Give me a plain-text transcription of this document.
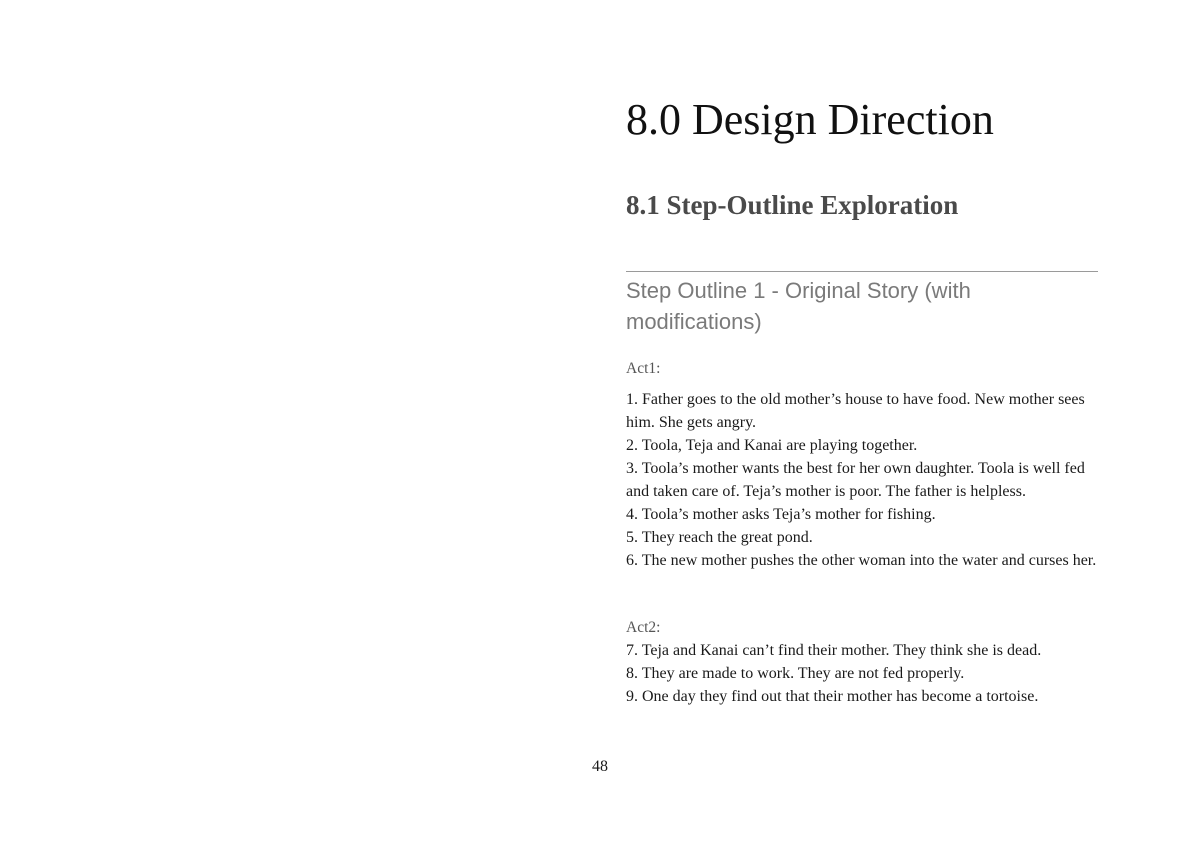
8.0 Design Direction
8.1 Step-Outline Exploration
Step Outline 1 - Original Story (with modifications)

Act1:

1. Father goes to the old mother’s house to have food. New mother sees him. She gets angry.
2. Toola, Teja and Kanai are playing together.
3. Toola’s mother wants the best for her own daughter. Toola is well fed and taken care of. Teja’s mother is poor. The father is helpless.
4. Toola’s mother asks Teja’s mother for fishing.
5. They reach the great pond.
6. The new mother pushes the other woman into the water and curses her.

Act2:

7. Teja and Kanai can’t find their mother. They think she is dead.
8. They are made to work. They are not fed properly.
9. One day they find out that their mother has become a tortoise.
48
